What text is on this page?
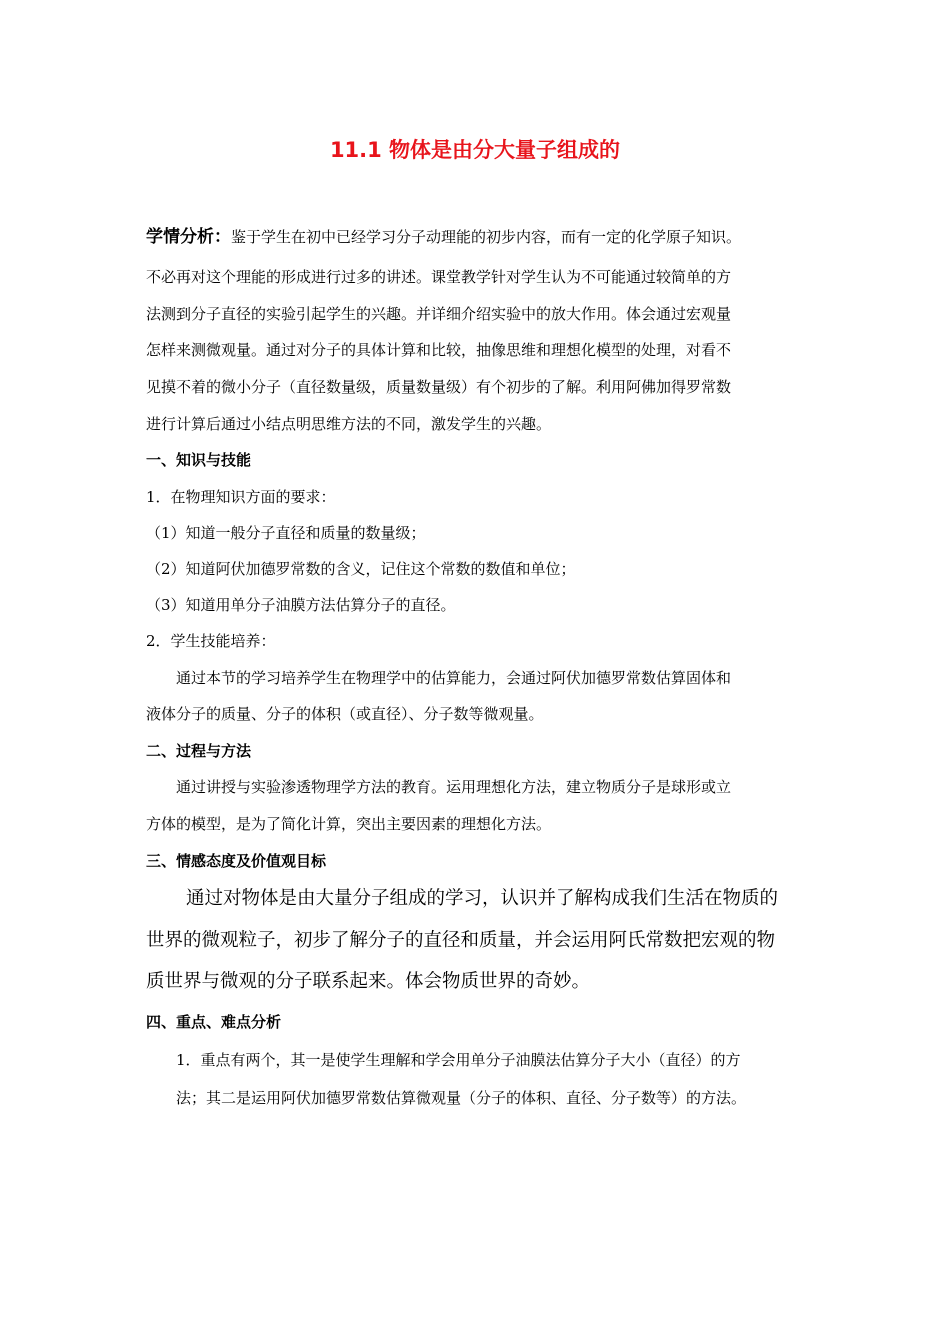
11.1 物体是由分大量子组成的
学情分析：鉴于学生在初中已经学习分子动理能的初步内容，而有一定的化学原子知识。
不必再对这个理能的形成进行过多的讲述。课堂教学针对学生认为不可能通过较简单的方
法测到分子直径的实验引起学生的兴趣。并详细介绍实验中的放大作用。体会通过宏观量
怎样来测微观量。通过对分子的具体计算和比较，抽像思维和理想化模型的处理，对看不
见摸不着的微小分子（直径数量级，质量数量级）有个初步的了解。利用阿佛加得罗常数
进行计算后通过小结点明思维方法的不同，激发学生的兴趣。
一、知识与技能
1．在物理知识方面的要求：
（1）知道一般分子直径和质量的数量级；
（2）知道阿伏加德罗常数的含义，记住这个常数的数值和单位；
（3）知道用单分子油膜方法估算分子的直径。
2．学生技能培养：
通过本节的学习培养学生在物理学中的估算能力，会通过阿伏加德罗常数估算固体和
液体分子的质量、分子的体积（或直径）、分子数等微观量。
二、过程与方法
通过讲授与实验渗透物理学方法的教育。运用理想化方法，建立物质分子是球形或立
方体的模型，是为了简化计算，突出主要因素的理想化方法。
三、情感态度及价值观目标
通过对物体是由大量分子组成的学习，认识并了解构成我们生活在物质的
世界的微观粒子，初步了解分子的直径和质量，并会运用阿氏常数把宏观的物
质世界与微观的分子联系起来。体会物质世界的奇妙。
四、重点、难点分析
1．重点有两个，其一是使学生理解和学会用单分子油膜法估算分子大小（直径）的方
法；其二是运用阿伏加德罗常数估算微观量（分子的体积、直径、分子数等）的方法。
